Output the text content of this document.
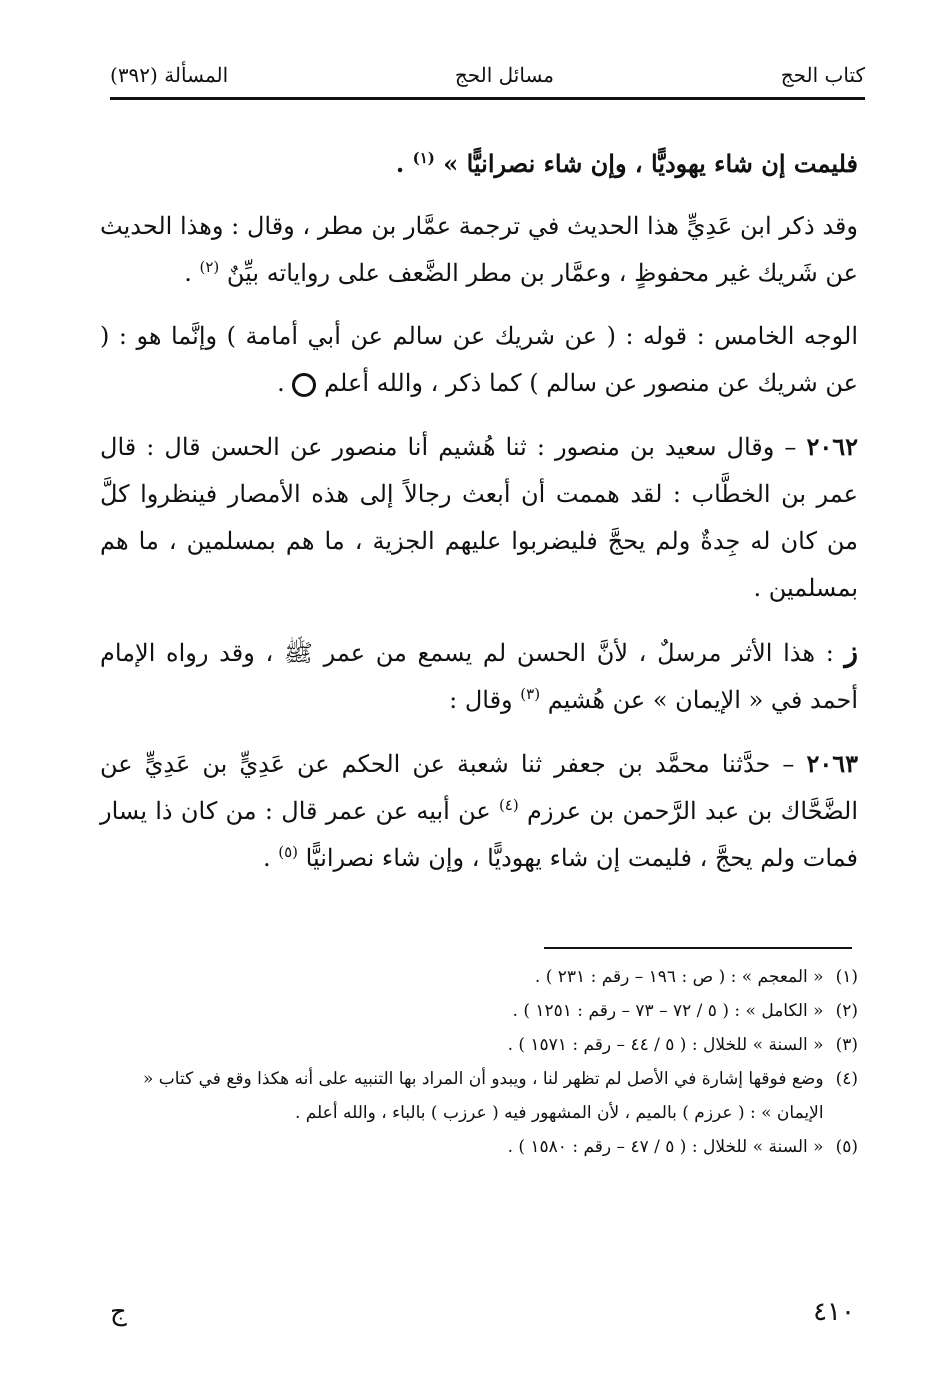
كتاب الحج
مسائل الحج
المسألة (٣٩٢)

فليمت إن شاء يهوديًّا ، وإن شاء نصرانيًّا » $^{(١)}$ .

وقد ذكر ابن عَدِيٍّ هذا الحديث في ترجمة عمَّار بن مطر ، وقال : وهذا الحديث عن شَريك غير محفوظٍ ، وعمَّار بن مطر الضَّعف على رواياته بيِّنٌ $^{(٢)}$ .

الوجه الخامس : قوله : ( عن شريك عن سالم عن أبي أمامة ) وإنَّما هو : ( عن شريك عن منصور عن سالم ) كما ذكر ، والله أعلم  .

٢٠٦٢ – وقال سعيد بن منصور : ثنا هُشيم أنا منصور عن الحسن قال : قال عمر بن الخطَّاب : لقد هممت أن أبعث رجالاً إلى هذه الأمصار فينظروا كلَّ من كان له جِدةٌ ولم يحجَّ فليضربوا عليهم الجزية ، ما هم بمسلمين ، ما هم بمسلمين .

ز : هذا الأثر مرسلٌ ، لأنَّ الحسن لم يسمع من عمر ﷺ ، وقد رواه الإمام أحمد في « الإيمان » عن هُشيم $^{(٣)}$ وقال :

٢٠٦٣ – حدَّثنا محمَّد بن جعفر ثنا شعبة عن الحكم عن عَدِيٍّ بن عَدِيٍّ عن الضَّحَّاك بن عبد الرَّحمن بن عرزم $^{(٤)}$ عن أبيه عن عمر قال : من كان ذا يسار فمات ولم يحجَّ ، فليمت إن شاء يهوديًّا ، وإن شاء نصرانيًّا $^{(٥)}$ .

(١)
« المعجم » : ( ص : ١٩٦ – رقم : ٢٣١ ) .

(٢)
« الكامل » : ( ٥ / ٧٢ – ٧٣ – رقم : ١٢٥١ ) .

(٣)
« السنة » للخلال : ( ٥ / ٤٤ – رقم : ١٥٧١ ) .

(٤)
وضع فوقها إشارة في الأصل لم تظهر لنا ، ويبدو أن المراد بها التنبيه على أنه هكذا وقع في كتاب « الإيمان » : ( عرزم ) بالميم ، لأن المشهور فيه ( عرزب ) بالباء ، والله أعلم .

(٥)
« السنة » للخلال : ( ٥ / ٤٧ – رقم : ١٥٨٠ ) .

٤١٠
ج
